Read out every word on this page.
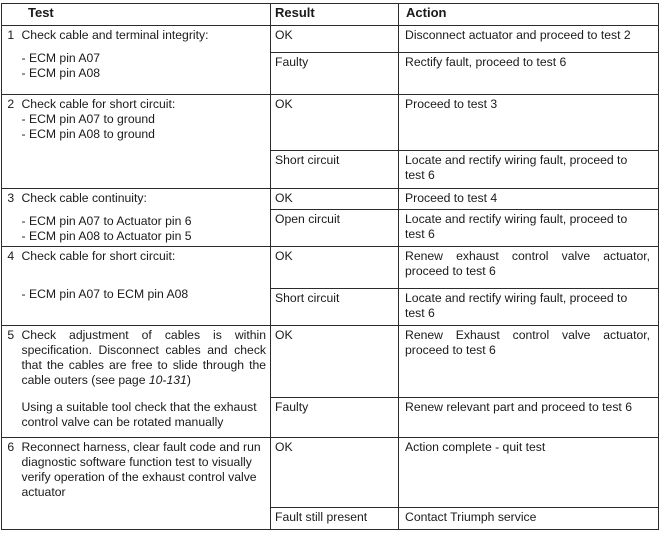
Test		Result	Action
1	Check cable and terminal integrity:
- ECM pin A07
- ECM pin A08	OK	Disconnect actuator and proceed to test 2
		Faulty	Rectify fault, proceed to test 6
2	Check cable for short circuit:
- ECM pin A07 to ground
- ECM pin A08 to ground	OK	Proceed to test 3
		Short circuit	Locate and rectify wiring fault, proceed to test 6
3	Check cable continuity:
- ECM pin A07 to Actuator pin 6
- ECM pin A08 to Actuator pin 5	OK	Proceed to test 4
		Open circuit	Locate and rectify wiring fault, proceed to test 6
4	Check cable for short circuit:
- ECM pin A07 to ECM pin A08	OK	Renew exhaust control valve actuator, proceed to test 6

		Short circuit	Locate and rectify wiring fault, proceed to test 6
5	Check adjustment of cables is within specification. Disconnect cables and check that the cables are free to slide through the cable outers (see page 10-131)	OK	Renew Exhaust control valve actuator, proceed to test 6

	Using a suitable tool check that the exhaust control valve can be rotated manually	Faulty	Renew relevant part and proceed to test 6
6	Reconnect harness, clear fault code and run diagnostic software function test to visually verify operation of the exhaust control valve actuator	OK	Action complete - quit test
		Fault still present	Contact Triumph service
